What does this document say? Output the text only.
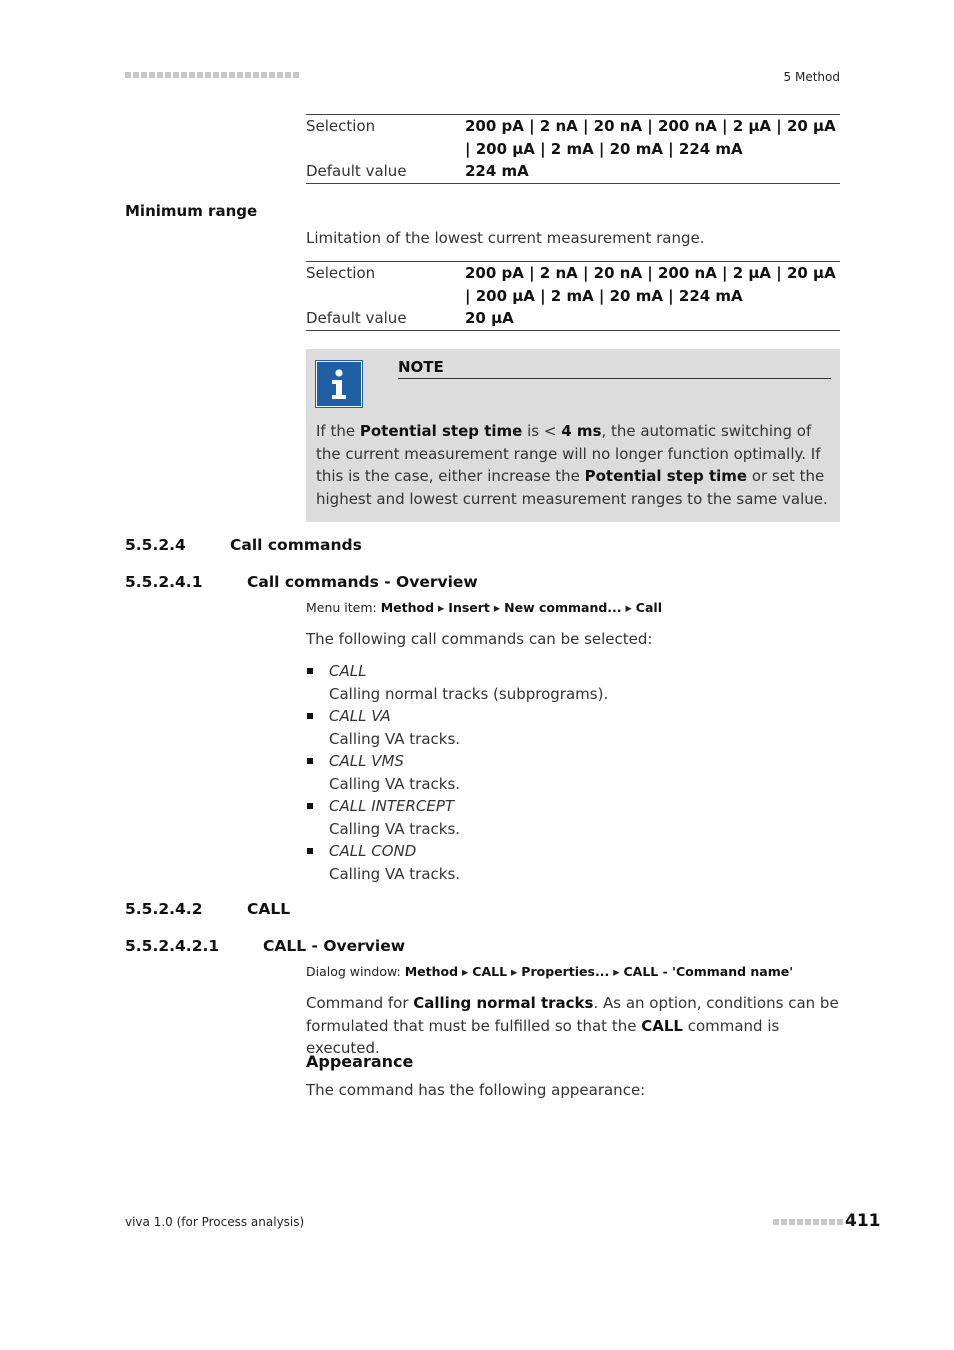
5 Method
Selection	200 pA | 2 nA | 20 nA | 200 nA | 2 µA | 20 µA | 200 µA | 2 mA | 20 mA | 224 mA
Default value	224 mA
Minimum range
Limitation of the lowest current measurement range.
Selection	200 pA | 2 nA | 20 nA | 200 nA | 2 µA | 20 µA | 200 µA | 2 mA | 20 mA | 224 mA
Default value	20 µA
NOTE
If the Potential step time is < 4 ms, the automatic switching of the current measurement range will no longer function optimally. If this is the case, either increase the Potential step time or set the highest and lowest current measurement ranges to the same value.
5.5.2.4	Call commands
5.5.2.4.1	Call commands - Overview
Menu item: Method ▸ Insert ▸ New command... ▸ Call
The following call commands can be selected:
CALL
Calling normal tracks (subprograms).
CALL VA
Calling VA tracks.
CALL VMS
Calling VA tracks.
CALL INTERCEPT
Calling VA tracks.
CALL COND
Calling VA tracks.
5.5.2.4.2	CALL
5.5.2.4.2.1	CALL - Overview
Dialog window: Method ▸ CALL ▸ Properties... ▸ CALL - 'Command name'
Command for Calling normal tracks. As an option, conditions can be formulated that must be fulfilled so that the CALL command is executed.
Appearance
The command has the following appearance:
viva 1.0 (for Process analysis)	411
